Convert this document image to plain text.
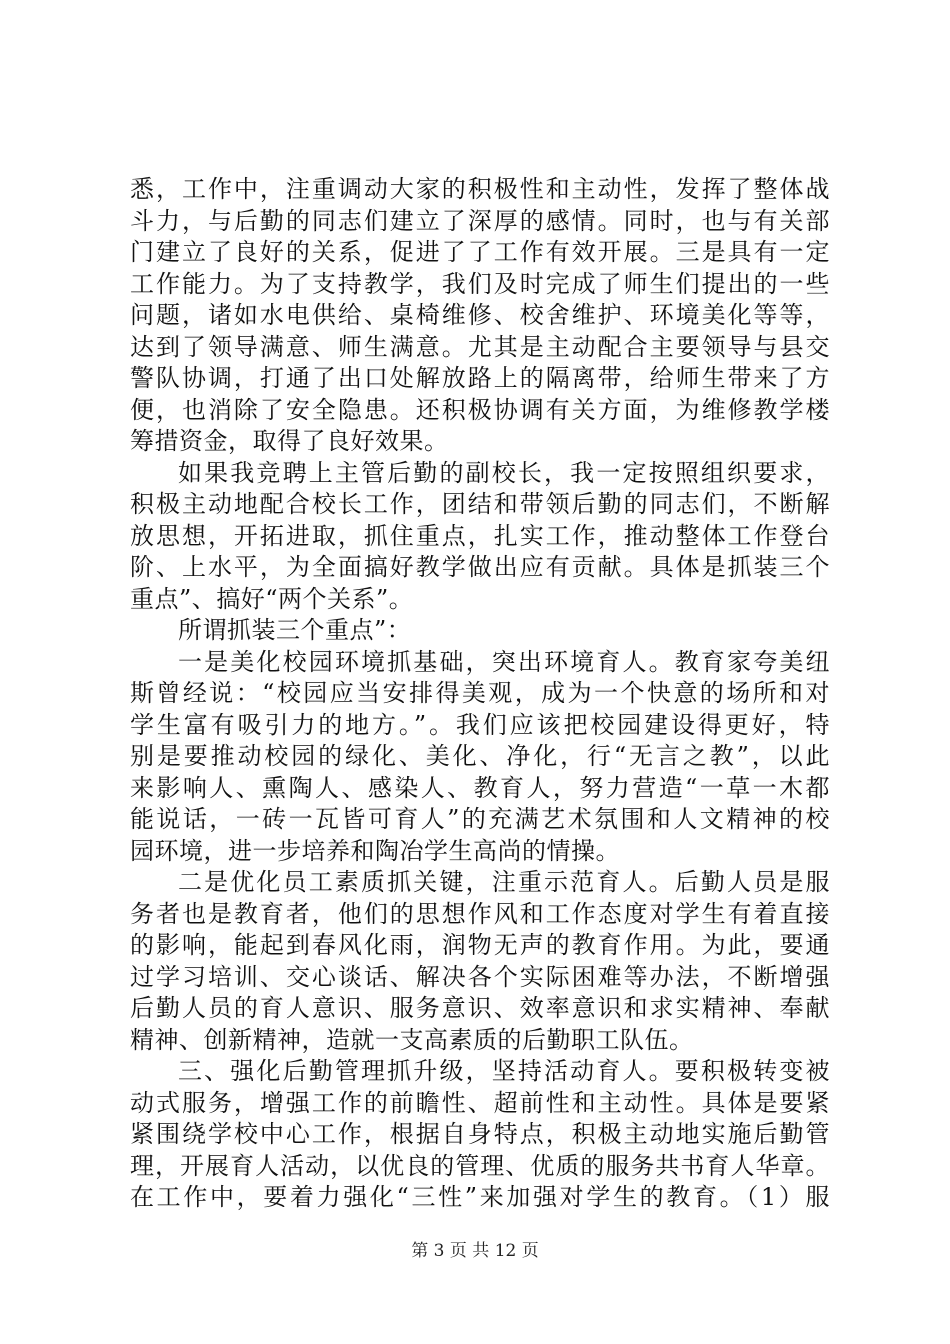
悉，工作中，注重调动大家的积极性和主动性，发挥了整体战
斗力，与后勤的同志们建立了深厚的感情。同时，也与有关部
门建立了良好的关系，促进了了工作有效开展。三是具有一定
工作能力。为了支持教学，我们及时完成了师生们提出的一些
问题，诸如水电供给、桌椅维修、校舍维护、环境美化等等，
达到了领导满意、师生满意。尤其是主动配合主要领导与县交
警队协调，打通了出口处解放路上的隔离带，给师生带来了方
便，也消除了安全隐患。还积极协调有关方面，为维修教学楼
筹措资金，取得了良好效果。
如果我竞聘上主管后勤的副校长，我一定按照组织要求，
积极主动地配合校长工作，团结和带领后勤的同志们，不断解
放思想，开拓进取，抓住重点，扎实工作，推动整体工作登台
阶、上水平，为全面搞好教学做出应有贡献。具体是抓装三个
重点”、搞好“两个关系”。
所谓抓装三个重点”：
一是美化校园环境抓基础，突出环境育人。教育家夸美纽
斯曾经说：“校园应当安排得美观，成为一个快意的场所和对
学生富有吸引力的地方。”。我们应该把校园建设得更好，特
别是要推动校园的绿化、美化、净化，行“无言之教”，以此
来影响人、熏陶人、感染人、教育人，努力营造“一草一木都
能说话，一砖一瓦皆可育人”的充满艺术氛围和人文精神的校
园环境，进一步培养和陶冶学生高尚的情操。
二是优化员工素质抓关键，注重示范育人。后勤人员是服
务者也是教育者，他们的思想作风和工作态度对学生有着直接
的影响，能起到春风化雨，润物无声的教育作用。为此，要通
过学习培训、交心谈话、解决各个实际困难等办法，不断增强
后勤人员的育人意识、服务意识、效率意识和求实精神、奉献
精神、创新精神，造就一支高素质的后勤职工队伍。
三、强化后勤管理抓升级，坚持活动育人。要积极转变被
动式服务，增强工作的前瞻性、超前性和主动性。具体是要紧
紧围绕学校中心工作，根据自身特点，积极主动地实施后勤管
理，开展育人活动，以优良的管理、优质的服务共书育人华章。
在工作中，要着力强化“三性”来加强对学生的教育。（1）服
第 3 页 共 12 页
